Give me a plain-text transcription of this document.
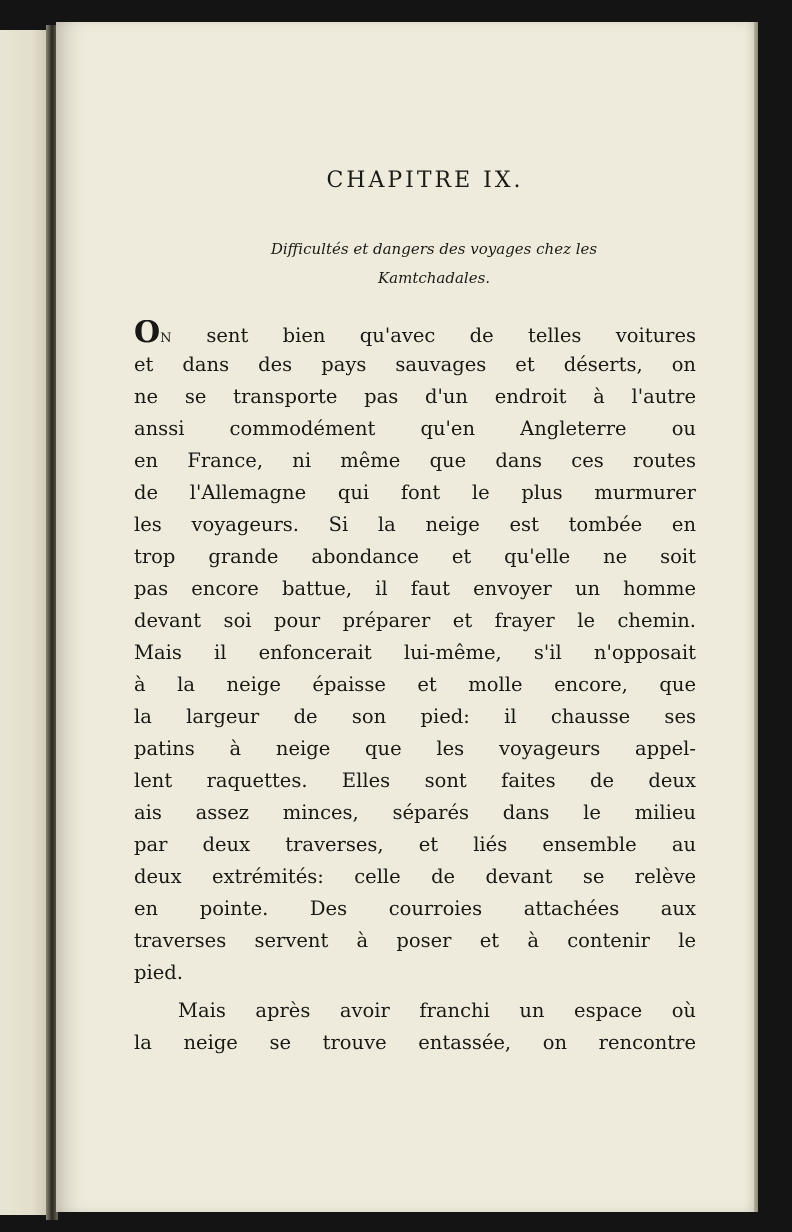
CHAPITRE IX.

Difficultés et dangers des voyages chez les

Kamtchadales.

ON sent bien qu'avec de telles voitures

et dans des pays sauvages et déserts, on

ne se transporte pas d'un endroit à l'autre

anssi commodément qu'en Angleterre ou

en France, ni même que dans ces routes

de l'Allemagne qui font le plus murmurer

les voyageurs. Si la neige est tombée en

trop grande abondance et qu'elle ne soit

pas encore battue, il faut envoyer un homme

devant soi pour préparer et frayer le chemin.

Mais il enfoncerait lui-même, s'il n'opposait

à la neige épaisse et molle encore, que

la largeur de son pied: il chausse ses

patins à neige que les voyageurs appel-

lent raquettes. Elles sont faites de deux

ais assez minces, séparés dans le milieu

par deux traverses, et liés ensemble au

deux extrémités: celle de devant se relève

en pointe. Des courroies attachées aux

traverses servent à poser et à contenir le

pied.

Mais après avoir franchi un espace où

la neige se trouve entassée, on rencontre
